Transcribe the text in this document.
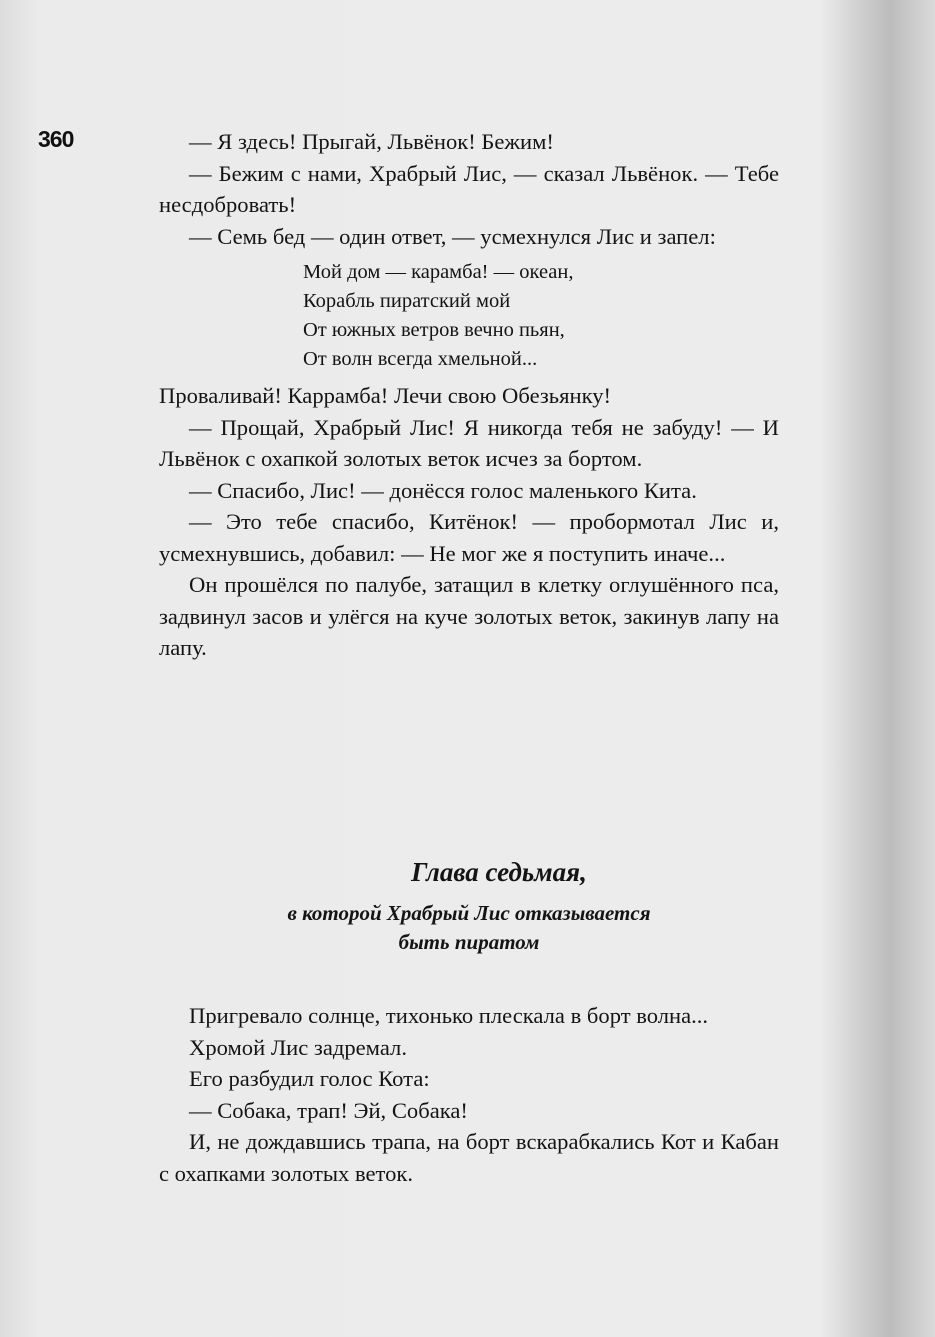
360	— Я здесь! Прыгай, Львёнок! Бежим!

— Бежим с нами, Храбрый Лис, — сказал Львёнок. — Тебе несдобровать!

— Семь бед — один ответ, — усмехнулся Лис и запел:

Мой дом — карамба! — океан,
Корабль пиратский мой
От южных ветров вечно пьян,
От волн всегда хмельной...

Проваливай! Каррамба! Лечи свою Обезьянку!

— Прощай, Храбрый Лис! Я никогда тебя не забуду! — И Львёнок с охапкой золотых веток исчез за бортом.

— Спасибо, Лис! — донёсся голос маленького Кита.

— Это тебе спасибо, Китёнок! — пробормотал Лис и, усмехнувшись, добавил: — Не мог же я поступить иначе...

Он прошёлся по палубе, затащил в клетку оглушённого пса, задвинул засов и улёгся на куче золотых веток, закинув лапу на лапу.

Глава седьмая,
в которой Храбрый Лис отказывается
быть пиратом

Пригревало солнце, тихонько плескала в борт волна...

Хромой Лис задремал.

Его разбудил голос Кота:

— Собака, трап! Эй, Собака!

И, не дождавшись трапа, на борт вскарабкались Кот и Кабан с охапками золотых веток.
